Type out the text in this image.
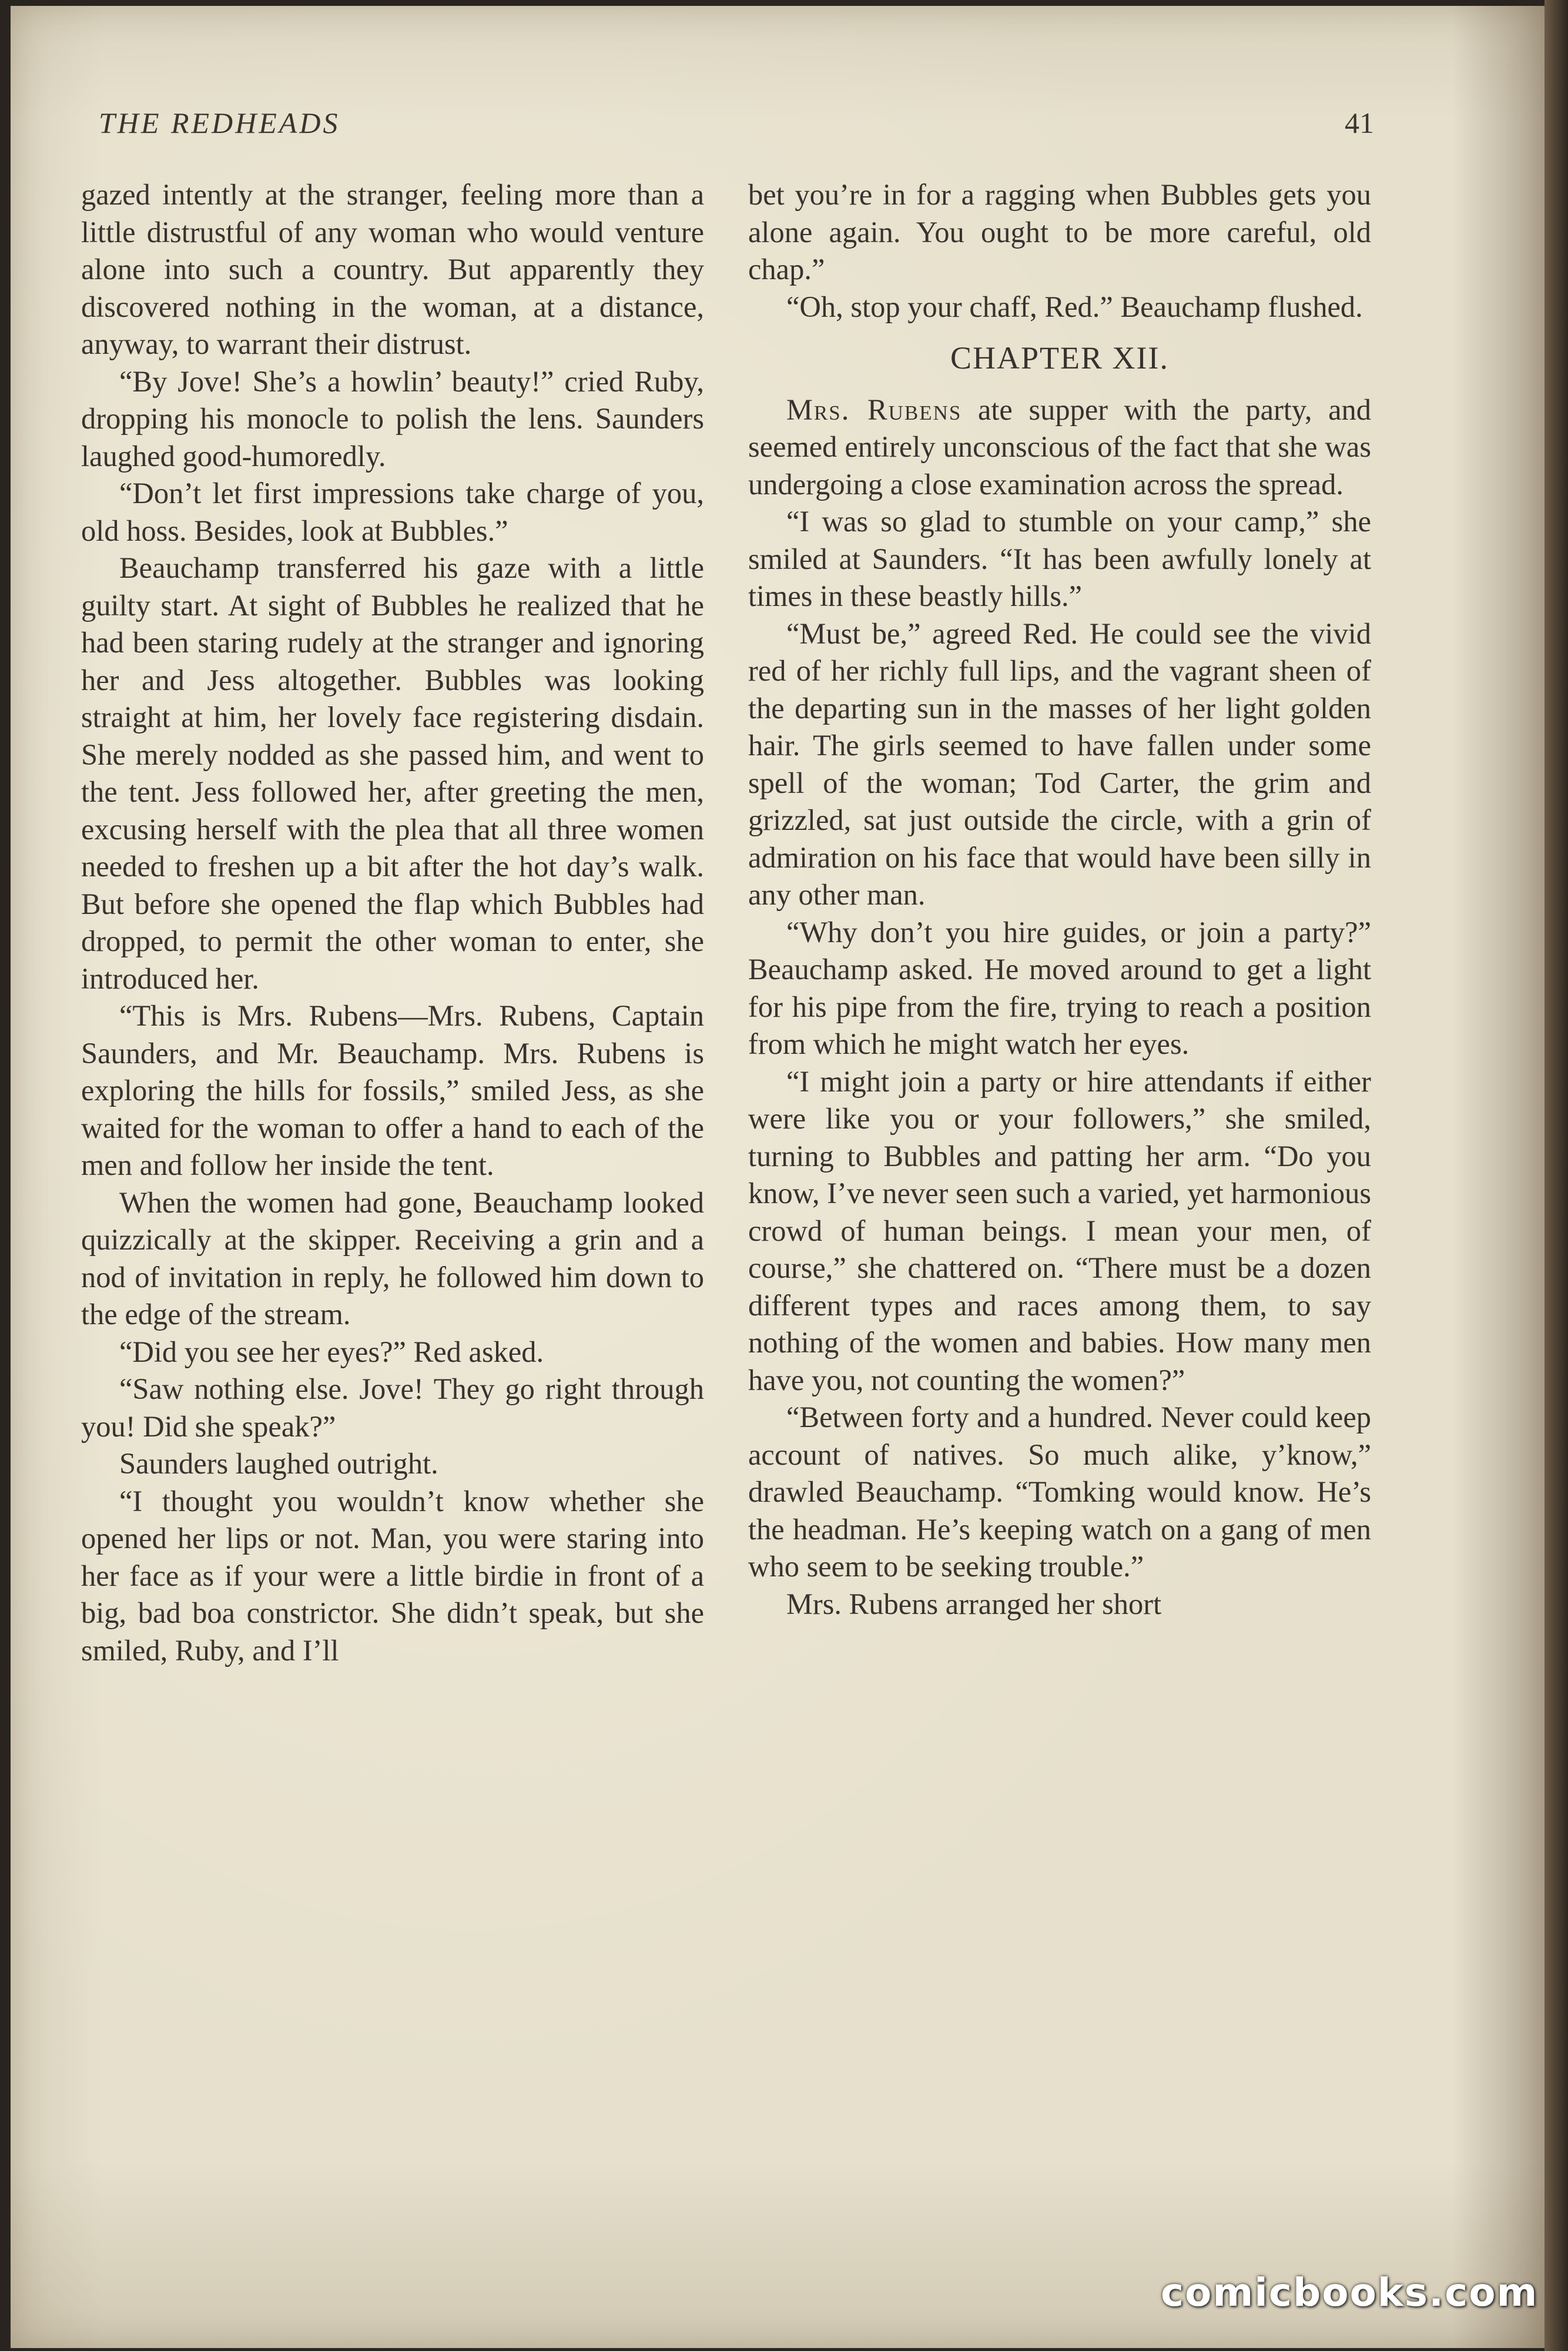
THE REDHEADS	41

gazed intently at the stranger, feeling more than a little distrustful of any woman who would venture alone into such a country. But apparently they discovered nothing in the woman, at a distance, anyway, to warrant their distrust.

“By Jove! She’s a howlin’ beauty!” cried Ruby, dropping his monocle to polish the lens. Saunders laughed good-humoredly.

“Don’t let first impressions take charge of you, old hoss. Besides, look at Bubbles.”

Beauchamp transferred his gaze with a little guilty start. At sight of Bubbles he realized that he had been staring rudely at the stranger and ignoring her and Jess altogether. Bubbles was looking straight at him, her lovely face registering disdain. She merely nodded as she passed him, and went to the tent. Jess followed her, after greeting the men, excusing herself with the plea that all three women needed to freshen up a bit after the hot day’s walk. But before she opened the flap which Bubbles had dropped, to permit the other woman to enter, she introduced her.

“This is Mrs. Rubens—Mrs. Rubens, Captain Saunders, and Mr. Beauchamp. Mrs. Rubens is exploring the hills for fossils,” smiled Jess, as she waited for the woman to offer a hand to each of the men and follow her inside the tent.

When the women had gone, Beauchamp looked quizzically at the skipper. Receiving a grin and a nod of invitation in reply, he followed him down to the edge of the stream.

“Did you see her eyes?” Red asked.

“Saw nothing else. Jove! They go right through you! Did she speak?”

Saunders laughed outright.

“I thought you wouldn’t know whether she opened her lips or not. Man, you were staring into her face as if your were a little birdie in front of a big, bad boa constrictor. She didn’t speak, but she smiled, Ruby, and I’ll

bet you’re in for a ragging when Bubbles gets you alone again. You ought to be more careful, old chap.”

“Oh, stop your chaff, Red.” Beauchamp flushed.

CHAPTER XII.

Mrs. Rubens ate supper with the party, and seemed entirely unconscious of the fact that she was undergoing a close examination across the spread.

“I was so glad to stumble on your camp,” she smiled at Saunders. “It has been awfully lonely at times in these beastly hills.”

“Must be,” agreed Red. He could see the vivid red of her richly full lips, and the vagrant sheen of the departing sun in the masses of her light golden hair. The girls seemed to have fallen under some spell of the woman; Tod Carter, the grim and grizzled, sat just outside the circle, with a grin of admiration on his face that would have been silly in any other man.

“Why don’t you hire guides, or join a party?” Beauchamp asked. He moved around to get a light for his pipe from the fire, trying to reach a position from which he might watch her eyes.

“I might join a party or hire attendants if either were like you or your followers,” she smiled, turning to Bubbles and patting her arm. “Do you know, I’ve never seen such a varied, yet harmonious crowd of human beings. I mean your men, of course,” she chattered on. “There must be a dozen different types and races among them, to say nothing of the women and babies. How many men have you, not counting the women?”

“Between forty and a hundred. Never could keep account of natives. So much alike, y’know,” drawled Beauchamp. “Tomking would know. He’s the headman. He’s keeping watch on a gang of men who seem to be seeking trouble.”

Mrs. Rubens arranged her short

comicbooks.com
